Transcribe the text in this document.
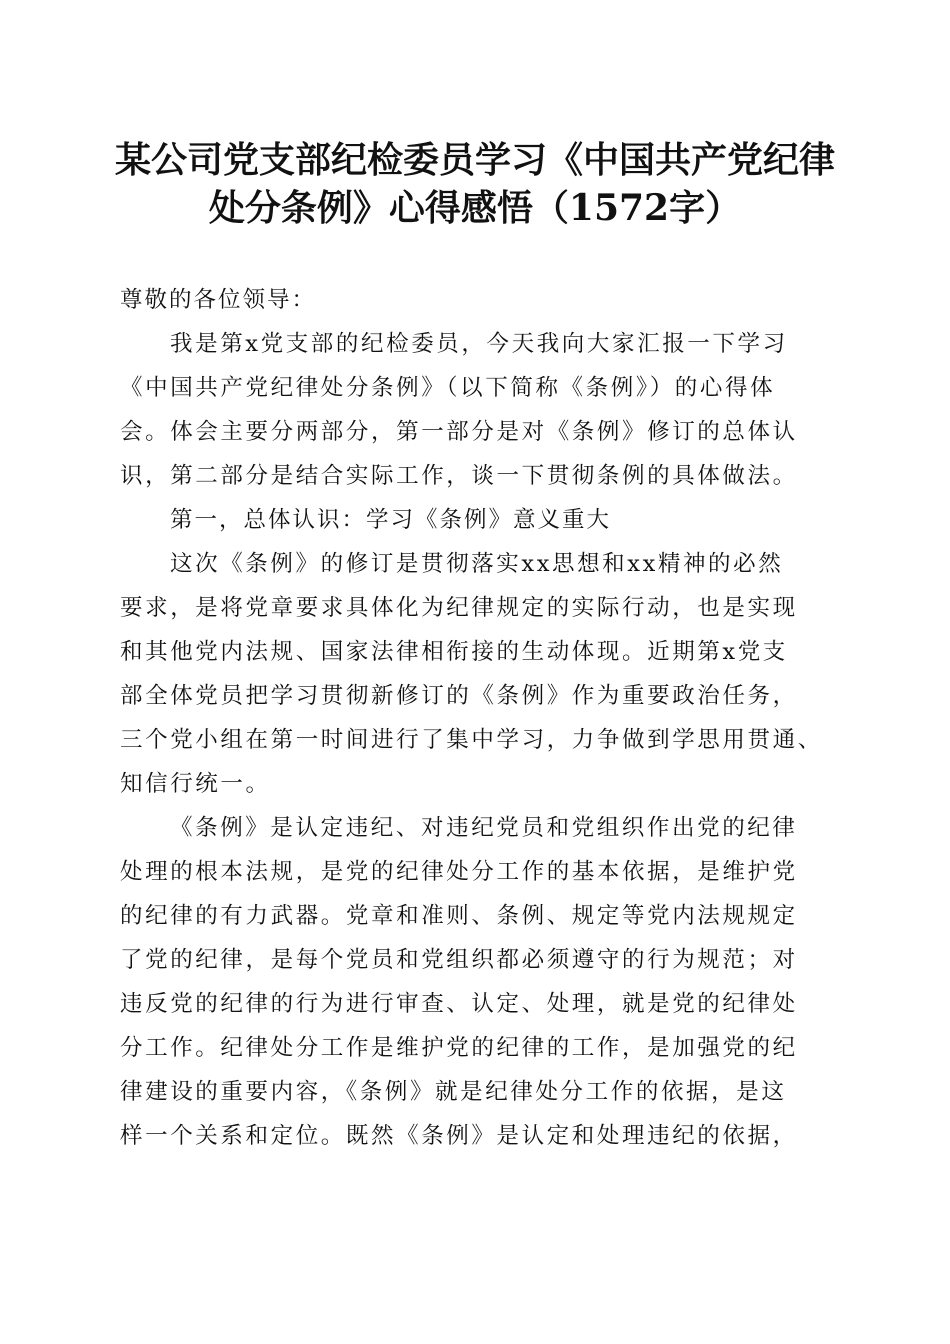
某公司党支部纪检委员学习《中国共产党纪律
处分条例》心得感悟（1572字）
尊敬的各位领导：
我是第x党支部的纪检委员，今天我向大家汇报一下学习
《中国共产党纪律处分条例》（以下简称《条例》）的心得体
会。体会主要分两部分，第一部分是对《条例》修订的总体认
识，第二部分是结合实际工作，谈一下贯彻条例的具体做法。
第一，总体认识：学习《条例》意义重大
这次《条例》的修订是贯彻落实xx思想和xx精神的必然
要求，是将党章要求具体化为纪律规定的实际行动，也是实现
和其他党内法规、国家法律相衔接的生动体现。近期第x党支
部全体党员把学习贯彻新修订的《条例》作为重要政治任务，
三个党小组在第一时间进行了集中学习，力争做到学思用贯通、
知信行统一。
《条例》是认定违纪、对违纪党员和党组织作出党的纪律
处理的根本法规，是党的纪律处分工作的基本依据，是维护党
的纪律的有力武器。党章和准则、条例、规定等党内法规规定
了党的纪律，是每个党员和党组织都必须遵守的行为规范；对
违反党的纪律的行为进行审查、认定、处理，就是党的纪律处
分工作。纪律处分工作是维护党的纪律的工作，是加强党的纪
律建设的重要内容，《条例》就是纪律处分工作的依据，是这
样一个关系和定位。既然《条例》是认定和处理违纪的依据，
